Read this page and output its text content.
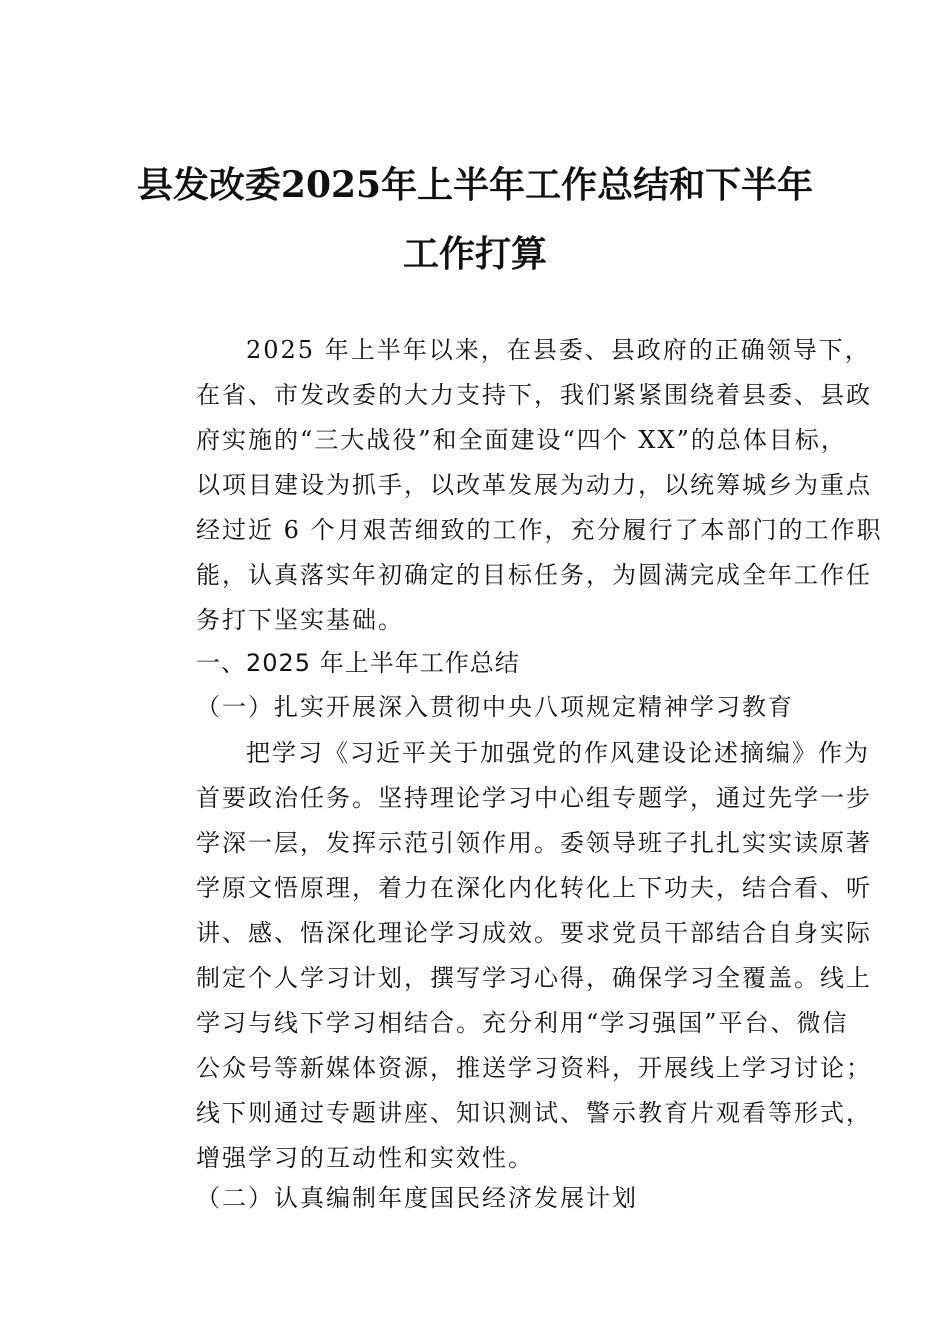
县发改委2025年上半年工作总结和下半年
工作打算
2025 年上半年以来，在县委、县政府的正确领导下，
在省、市发改委的大力支持下，我们紧紧围绕着县委、县政
府实施的“三大战役”和全面建设“四个 XX”的总体目标，
以项目建设为抓手，以改革发展为动力，以统筹城乡为重点
经过近 6 个月艰苦细致的工作，充分履行了本部门的工作职
能，认真落实年初确定的目标任务，为圆满完成全年工作任
务打下坚实基础。
一、2025 年上半年工作总结
（一）扎实开展深入贯彻中央八项规定精神学习教育
把学习《习近平关于加强党的作风建设论述摘编》作为
首要政治任务。坚持理论学习中心组专题学，通过先学一步
学深一层，发挥示范引领作用。委领导班子扎扎实实读原著
学原文悟原理，着力在深化内化转化上下功夫，结合看、听
讲、感、悟深化理论学习成效。要求党员干部结合自身实际
制定个人学习计划，撰写学习心得，确保学习全覆盖。线上
学习与线下学习相结合。充分利用“学习强国”平台、微信
公众号等新媒体资源，推送学习资料，开展线上学习讨论；
线下则通过专题讲座、知识测试、警示教育片观看等形式，
增强学习的互动性和实效性。
（二）认真编制年度国民经济发展计划
